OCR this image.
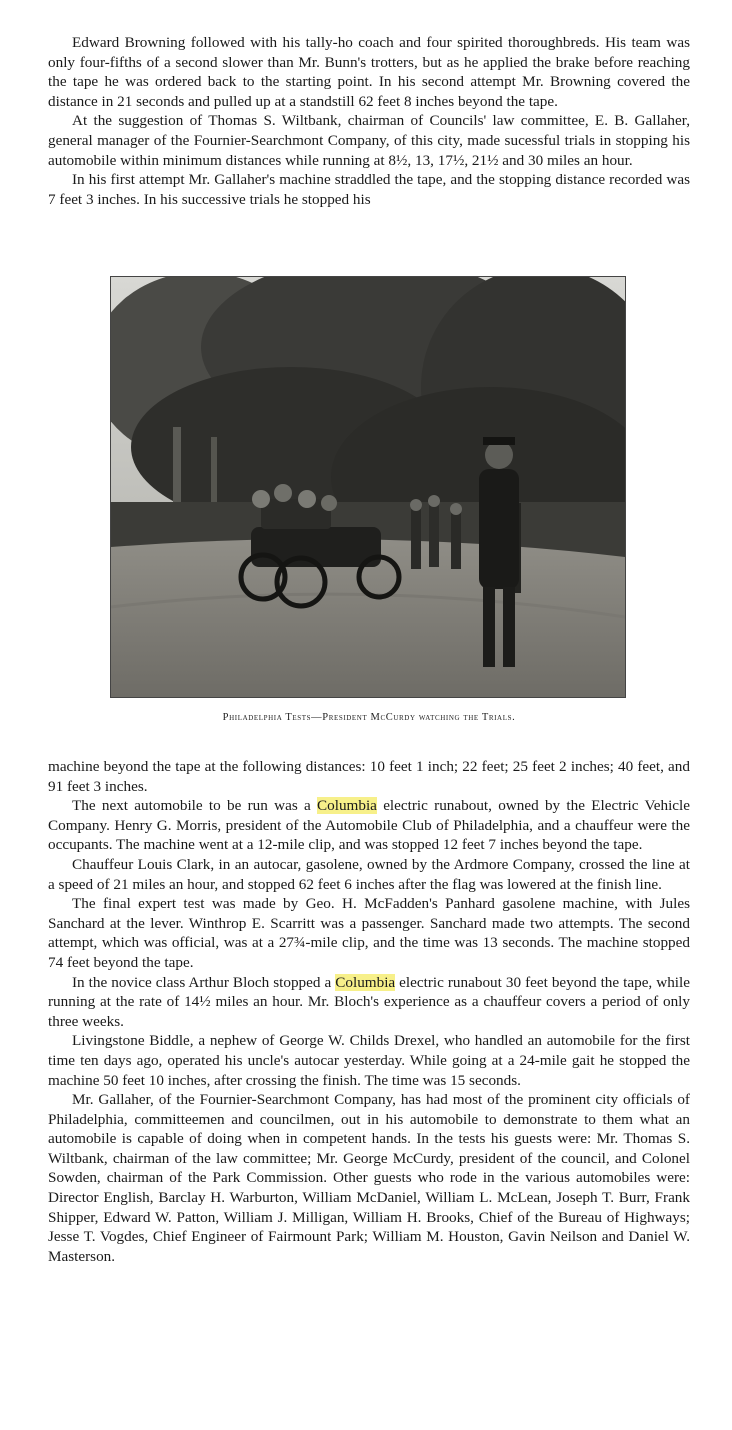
Edward Browning followed with his tally-ho coach and four spirited thoroughbreds. His team was only four-fifths of a second slower than Mr. Bunn's trotters, but as he applied the brake before reaching the tape he was ordered back to the starting point. In his second attempt Mr. Browning covered the distance in 21 seconds and pulled up at a standstill 62 feet 8 inches beyond the tape.

At the suggestion of Thomas S. Wiltbank, chairman of Councils' law committee, E. B. Gallaher, general manager of the Fournier-Searchmont Company, of this city, made sucessful trials in stopping his automobile within minimum distances while running at 8½, 13, 17½, 21½ and 30 miles an hour.

In his first attempt Mr. Gallaher's machine straddled the tape, and the stopping distance recorded was 7 feet 3 inches. In his successive trials he stopped his

Philadelphia Tests—President McCurdy watching the Trials.

machine beyond the tape at the following distances: 10 feet 1 inch; 22 feet; 25 feet 2 inches; 40 feet, and 91 feet 3 inches.

The next automobile to be run was a Columbia electric runabout, owned by the Electric Vehicle Company. Henry G. Morris, president of the Automobile Club of Philadelphia, and a chauffeur were the occupants. The machine went at a 12-mile clip, and was stopped 12 feet 7 inches beyond the tape.

Chauffeur Louis Clark, in an autocar, gasolene, owned by the Ardmore Company, crossed the line at a speed of 21 miles an hour, and stopped 62 feet 6 inches after the flag was lowered at the finish line.

The final expert test was made by Geo. H. McFadden's Panhard gasolene machine, with Jules Sanchard at the lever. Winthrop E. Scarritt was a passenger. Sanchard made two attempts. The second attempt, which was official, was at a 27¾-mile clip, and the time was 13 seconds. The machine stopped 74 feet beyond the tape.

In the novice class Arthur Bloch stopped a Columbia electric runabout 30 feet beyond the tape, while running at the rate of 14½ miles an hour. Mr. Bloch's experience as a chauffeur covers a period of only three weeks.

Livingstone Biddle, a nephew of George W. Childs Drexel, who handled an automobile for the first time ten days ago, operated his uncle's autocar yesterday. While going at a 24-mile gait he stopped the machine 50 feet 10 inches, after crossing the finish. The time was 15 seconds.

Mr. Gallaher, of the Fournier-Searchmont Company, has had most of the prominent city officials of Philadelphia, committeemen and councilmen, out in his automobile to demonstrate to them what an automobile is capable of doing when in competent hands. In the tests his guests were: Mr. Thomas S. Wiltbank, chairman of the law committee; Mr. George McCurdy, president of the council, and Colonel Sowden, chairman of the Park Commission. Other guests who rode in the various automobiles were: Director English, Barclay H. Warburton, William McDaniel, William L. McLean, Joseph T. Burr, Frank Shipper, Edward W. Patton, William J. Milligan, William H. Brooks, Chief of the Bureau of Highways; Jesse T. Vogdes, Chief Engineer of Fairmount Park; William M. Houston, Gavin Neilson and Daniel W. Masterson.
